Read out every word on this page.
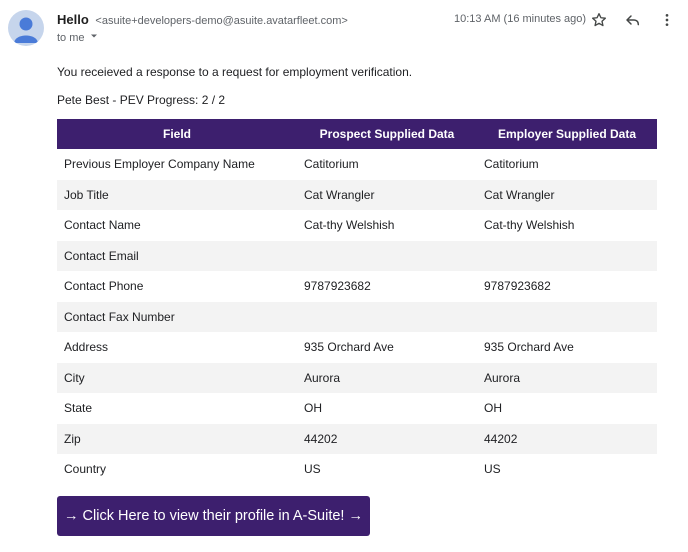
Hello <asuite+developers-demo@asuite.avatarfleet.com>
to me
10:13 AM (16 minutes ago)
You receieved a response to a request for employment verification.
Pete Best - PEV Progress: 2 / 2
Field	Prospect Supplied Data	Employer Supplied Data
Previous Employer Company Name	Catitorium	Catitorium
Job Title	Cat Wrangler	Cat Wrangler
Contact Name	Cat-thy Welshish	Cat-thy Welshish
Contact Email		
Contact Phone	9787923682	9787923682
Contact Fax Number		
Address	935 Orchard Ave	935 Orchard Ave
City	Aurora	Aurora
State	OH	OH
Zip	44202	44202
Country	US	US
→ Click Here to view their profile in A-Suite! →
